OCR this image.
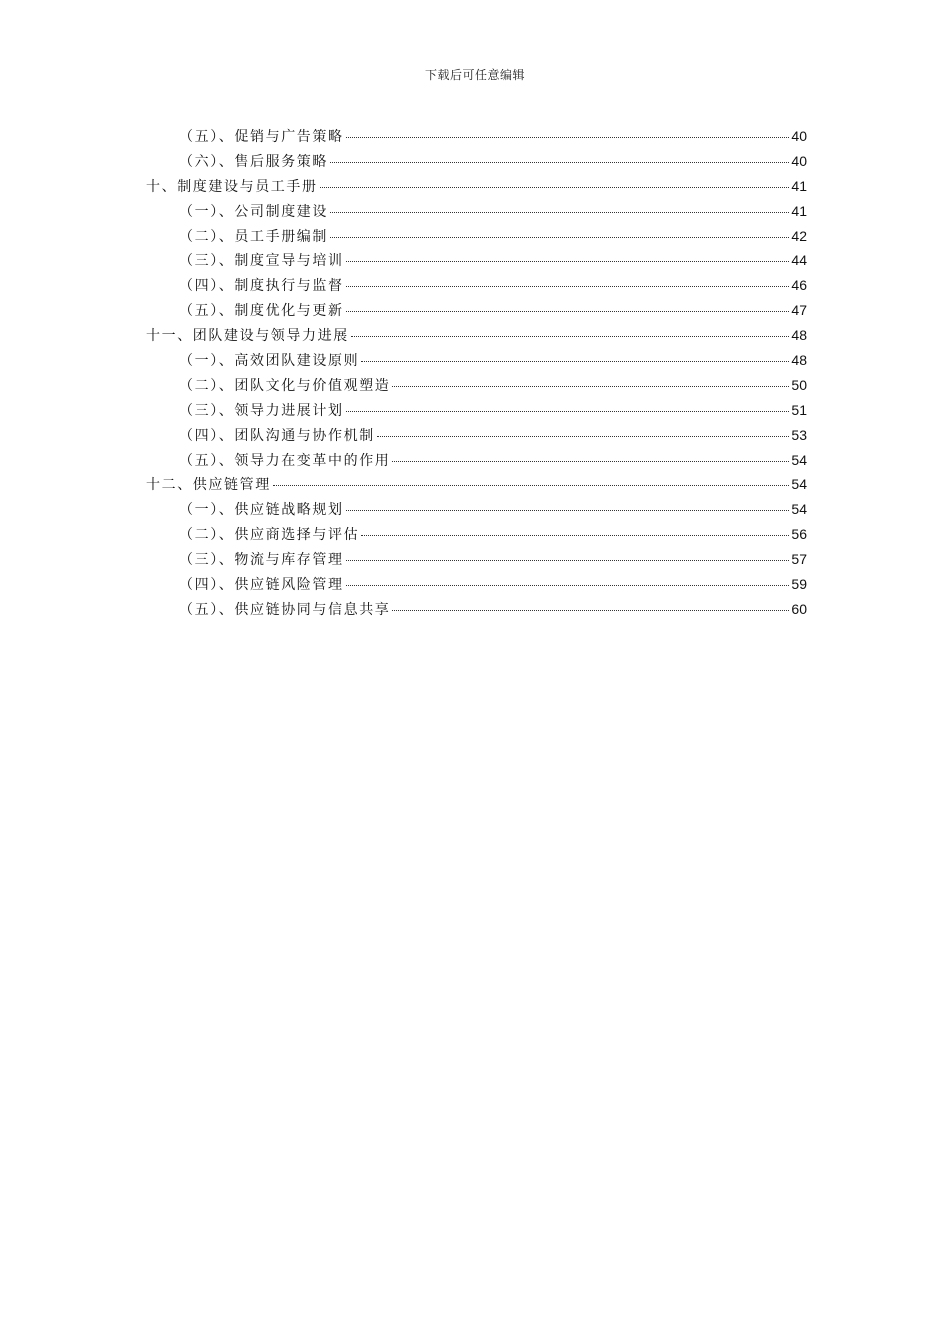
下载后可任意编辑
（五）、促销与广告策略	40
（六）、售后服务策略	40
十、制度建设与员工手册	41
（一）、公司制度建设	41
（二）、员工手册编制	42
（三）、制度宣导与培训	44
（四）、制度执行与监督	46
（五）、制度优化与更新	47
十一、团队建设与领导力进展	48
（一）、高效团队建设原则	48
（二）、团队文化与价值观塑造	50
（三）、领导力进展计划	51
（四）、团队沟通与协作机制	53
（五）、领导力在变革中的作用	54
十二、供应链管理	54
（一）、供应链战略规划	54
（二）、供应商选择与评估	56
（三）、物流与库存管理	57
（四）、供应链风险管理	59
（五）、供应链协同与信息共享	60
